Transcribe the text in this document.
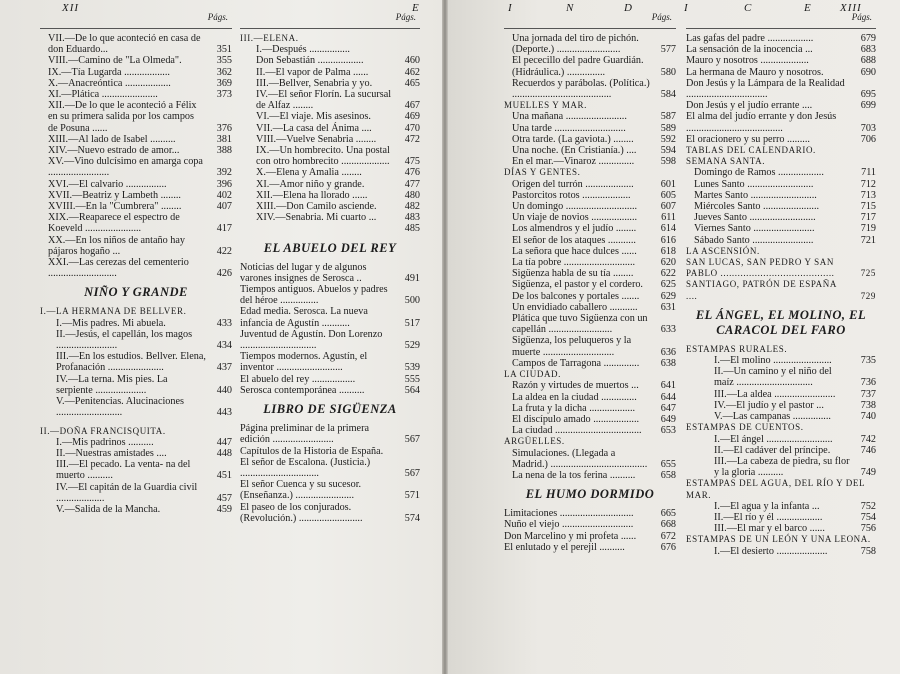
XII	E
Págs.
VII.—De lo que aconteció en casa de don Eduardo...	351
VIII.—Camino de "La Olmeda".	355
IX.—Tía Lugarda ..................	362
X.—Anacreóntica ..................	369
XI.—Plática ......................	373
XII.—De lo que le aconteció a Félix en su primera salida por los campos de Posuna ......	376
XIII.—Al lado de Isabel ..........	381
XIV.—Nuevo estrado de amor...	388
XV.—Vino dulcísimo en amarga copa ........................	392
XVI.—El calvario ................	396
XVII.—Beatriz y Lambeth ........	402
XVIII.—En la "Cumbrera" ........	407
XIX.—Reaparece el espectro de Koeveld ......................	417
XX.—En los niños de antaño hay pájaros hogaño ...	422
XXI.—Las cerezas del cementerio ...........................	426
NIÑO Y GRANDE
I.—LA HERMANA DE BELLVER.
I.—Mis padres. Mi abuela.	433
II.—Jesús, el capellán, los magos ........................	434
III.—En los estudios. Bellver. Elena, Profanación ......................	437
IV.—La terna. Mis pies. La serpiente ....................	440
V.—Penitencias. Alucinaciones ..........................	443
II.—DOÑA FRANCISQUITA.
I.—Mis padrinos ..........	447
II.—Nuestras amistades ....	448
III.—El pecado. La venta- na del muerto ..........	451
IV.—El capitán de la Guardia civil ...................	457
V.—Salida de la Mancha.	459
Págs.
III.—ELENA.
I.—Después ................
Don Sebastián ..................	460
II.—El vapor de Palma ......	462
III.—Bellver, Senabria y yo.	465
IV.—El señor Florín. La sucursal de Alfaz ........	467
VI.—El viaje. Mis asesinos.	469
VII.—La casa del Ánima ....	470
VIII.—Vuelve Senabria ........	472
IX.—Un hombrecito. Una postal con otro hombrecito ...................	475
X.—Elena y Amalia ........	476
XI.—Amor niño y grande.	477
XII.—Elena ha llorado ......	480
XIII.—Don Camilo asciende.	482
XIV.—Senabria. Mi cuarto ...	483
485
EL ABUELO DEL REY
Noticias del lugar y de algunos varones insignes de Serosca ..	491
Tiempos antiguos. Abuelos y padres del héroe ...............	500
Edad media. Serosca. La nueva infancia de Agustín ...........	517
Juventud de Agustín. Don Lorenzo ..............................	529
Tiempos modernos. Agustín, el inventor ..........................	539
El abuelo del rey .................	555
Serosca contemporánea ..........	564
LIBRO DE SIGÜENZA
Página preliminar de la primera edición ........................	567
Capítulos de la Historia de España.
El señor de Escalona. (Justicia.) ...............................	567
El señor Cuenca y su sucesor. (Enseñanza.) .......................	571
El paseo de los conjurados. (Revolución.) .........................	574
I	N	D	I	C	E	XIII
Págs.
Una jornada del tiro de pichón. (Deporte.) .........................	577
El pececillo del padre Guardián. (Hidráulica.) ...............	580
Recuerdos y parábolas. (Política.) .......................................	584
MUELLES Y MAR.
Una mañana ........................	587
Una tarde ............................	589
Otra tarde. (La gaviota.) ........	592
Una noche. (En Cristianía.) ....	594
En el mar.—Vinaroz ..............	598
DÍAS Y GENTES.
Origen del turrón ...................	601
Pastorcitos rotos ...................	605
Un domingo ............................	607
Un viaje de novios ..................	611
Los almendros y el judío ........	614
El señor de los ataques ...........	616
La señora que hace dulces ......	618
La tía pobre ............................	620
Sigüenza habla de su tía ........	622
Sigüenza, el pastor y el cordero.	625
De los balcones y portales .......	629
Un envidiado caballero ...........	631
Plática que tuvo Sigüenza con un capellán .........................	633
Sigüenza, los peluqueros y la muerte ............................	636
Campos de Tarragona ..............	638
LA CIUDAD.
Razón y virtudes de muertos ...	641
La aldea en la ciudad ..............	644
La fruta y la dicha ..................	647
El discípulo amado ..................	649
La ciudad ..................................	653
ARGÜELLES.
Simulaciones. (Llegada a Madrid.) ......................................	655
La nena de la tos ferina ..........	658
EL HUMO DORMIDO
Limitaciones .............................	665
Nuño el viejo ............................	668
Don Marcelino y mi profeta ......	672
El enlutado y el perejil ..........	676
Págs.
Las gafas del padre ..................	679
La sensación de la inocencia ...	683
Mauro y nosotros ...................	688
La hermana de Mauro y nosotros.	690
Don Jesús y la Lámpara de la Realidad ................................	695
Don Jesús y el judío errante ....	699
El alma del judío errante y don Jesús ......................................	703
El oracionero y su perro .........	706
TABLAS DEL CALENDARIO.
SEMANA SANTA.
Domingo de Ramos ..................	711
Lunes Santo ..........................	712
Martes Santo ..........................	713
Miércoles Santo ......................	715
Jueves Santo ..........................	717
Viernes Santo ........................	719
Sábado Santo ........................	721
LA ASCENSIÓN.
SAN LUCAS, SAN PEDRO Y SAN PABLO ........................................	725
SANTIAGO, PATRÓN DE ESPAÑA ....	729
EL ÁNGEL, EL MOLINO, EL CARACOL DEL FARO
ESTAMPAS RURALES.
I.—El molino .......................	735
II.—Un camino y el niño del maíz ..............................	736
III.—La aldea ........................	737
IV.—El judío y el pastor ...	738
V.—Las campanas ...............	740
ESTAMPAS DE CUENTOS.
I.—El ángel ..........................	742
II.—El cadáver del príncipe.	746
III.—La cabeza de piedra, su flor y la gloria ..........	749
ESTAMPAS DEL AGUA, DEL RÍO Y DEL MAR.
I.—El agua y la infanta ...	752
II.—El río y él ..................	754
III.—El mar y el barco ......	756
ESTAMPAS DE UN LEÓN Y UNA LEONA.
I.—El desierto ....................	758
